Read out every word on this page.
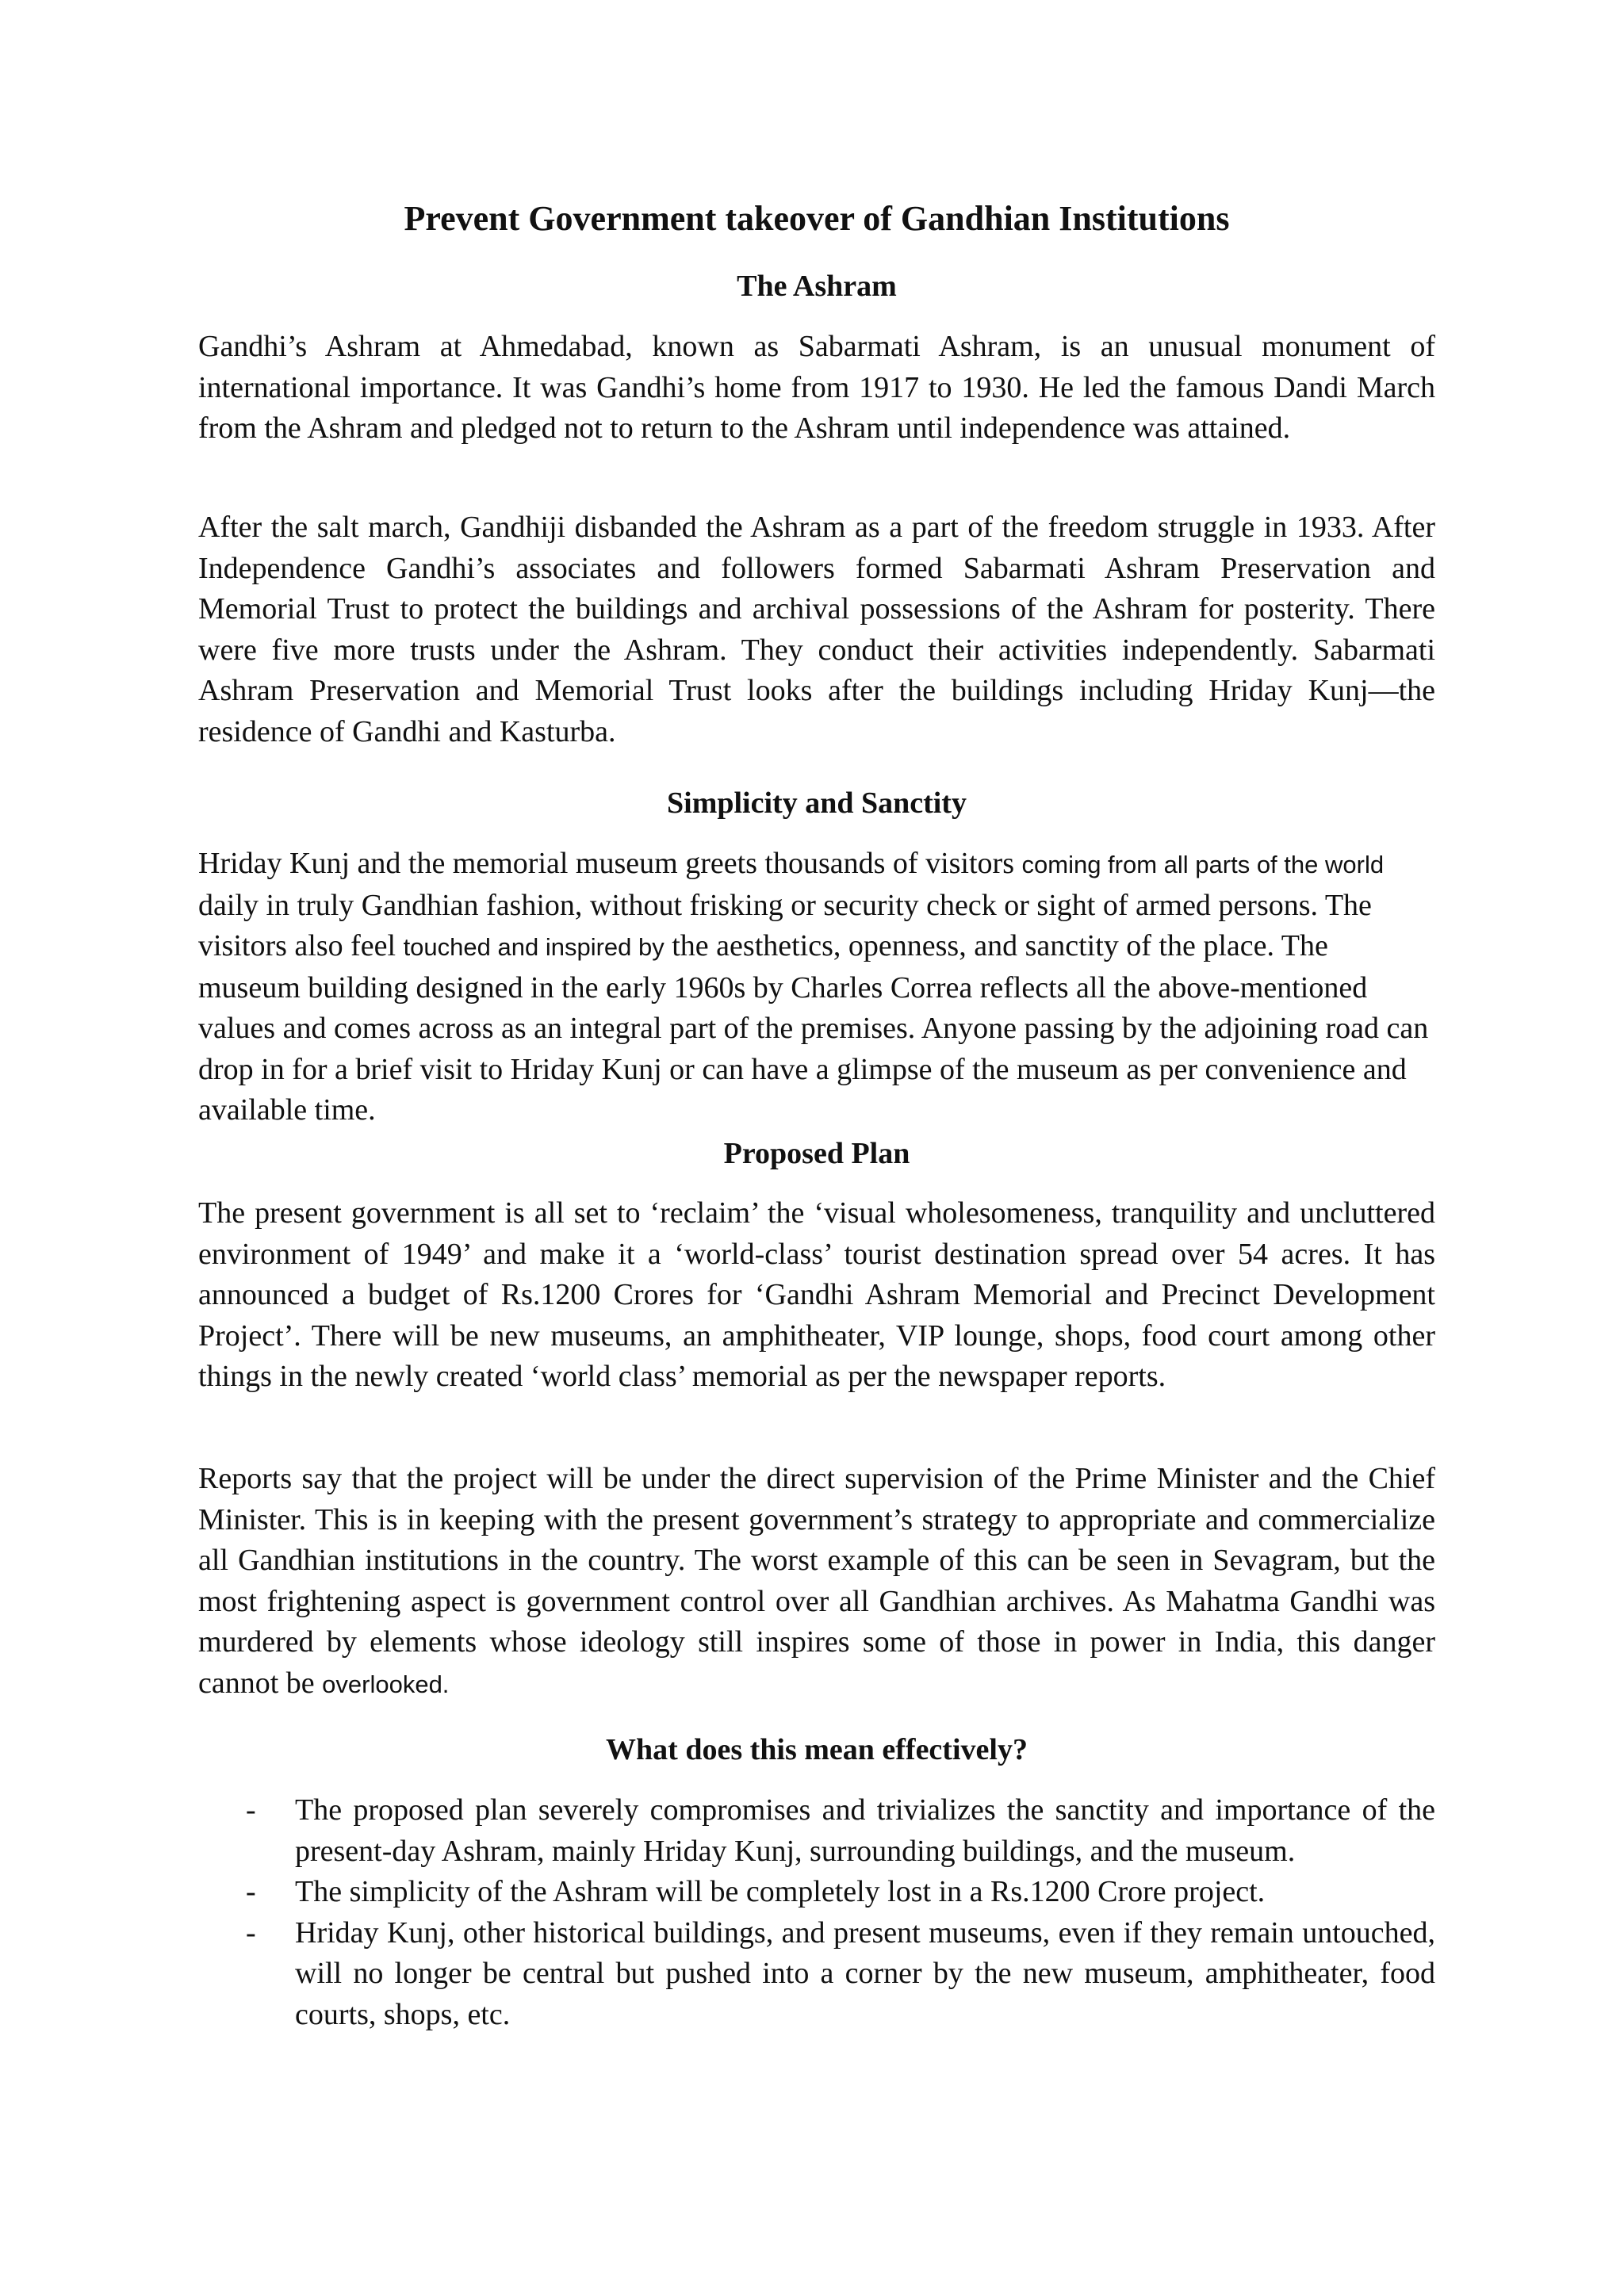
Prevent Government takeover of Gandhian Institutions
The Ashram

Gandhi’s Ashram at Ahmedabad, known as Sabarmati Ashram, is an unusual monument of international importance. It was Gandhi’s home from 1917 to 1930. He led the famous Dandi March from the Ashram and pledged not to return to the Ashram until independence was attained.

After the salt march, Gandhiji disbanded the Ashram as a part of the freedom struggle in 1933. After Independence Gandhi’s associates and followers formed Sabarmati Ashram Preservation and Memorial Trust to protect the buildings and archival possessions of the Ashram for posterity. There were five more trusts under the Ashram. They conduct their activities independently. Sabarmati Ashram Preservation and Memorial Trust looks after the buildings including Hriday Kunj—the residence of Gandhi and Kasturba.

Simplicity and Sanctity

Hriday Kunj and the memorial museum greets thousands of visitors coming from all parts of the world daily in truly Gandhian fashion, without frisking or security check or sight of armed persons. The visitors also feel touched and inspired by the aesthetics, openness, and sanctity of the place. The museum building designed in the early 1960s by Charles Correa reflects all the above-mentioned values and comes across as an integral part of the premises. Anyone passing by the adjoining road can drop in for a brief visit to Hriday Kunj or can have a glimpse of the museum as per convenience and available time.

Proposed Plan

The present government is all set to ‘reclaim’ the ‘visual wholesomeness, tranquility and uncluttered environment of 1949’ and make it a ‘world-class’ tourist destination spread over 54 acres. It has announced a budget of Rs.1200 Crores for ‘Gandhi Ashram Memorial and Precinct Development Project’. There will be new museums, an amphitheater, VIP lounge, shops, food court among other things in the newly created ‘world class’ memorial as per the newspaper reports.

Reports say that the project will be under the direct supervision of the Prime Minister and the Chief Minister. This is in keeping with the present government’s strategy to appropriate and commercialize all Gandhian institutions in the country. The worst example of this can be seen in Sevagram, but the most frightening aspect is government control over all Gandhian archives. As Mahatma Gandhi was murdered by elements whose ideology still inspires some of those in power in India, this danger cannot be overlooked.

What does this mean effectively?
- The proposed plan severely compromises and trivializes the sanctity and importance of the present-day Ashram, mainly Hriday Kunj, surrounding buildings, and the museum.
- The simplicity of the Ashram will be completely lost in a Rs.1200 Crore project.
- Hriday Kunj, other historical buildings, and present museums, even if they remain untouched, will no longer be central but pushed into a corner by the new museum, amphitheater, food courts, shops, etc.
